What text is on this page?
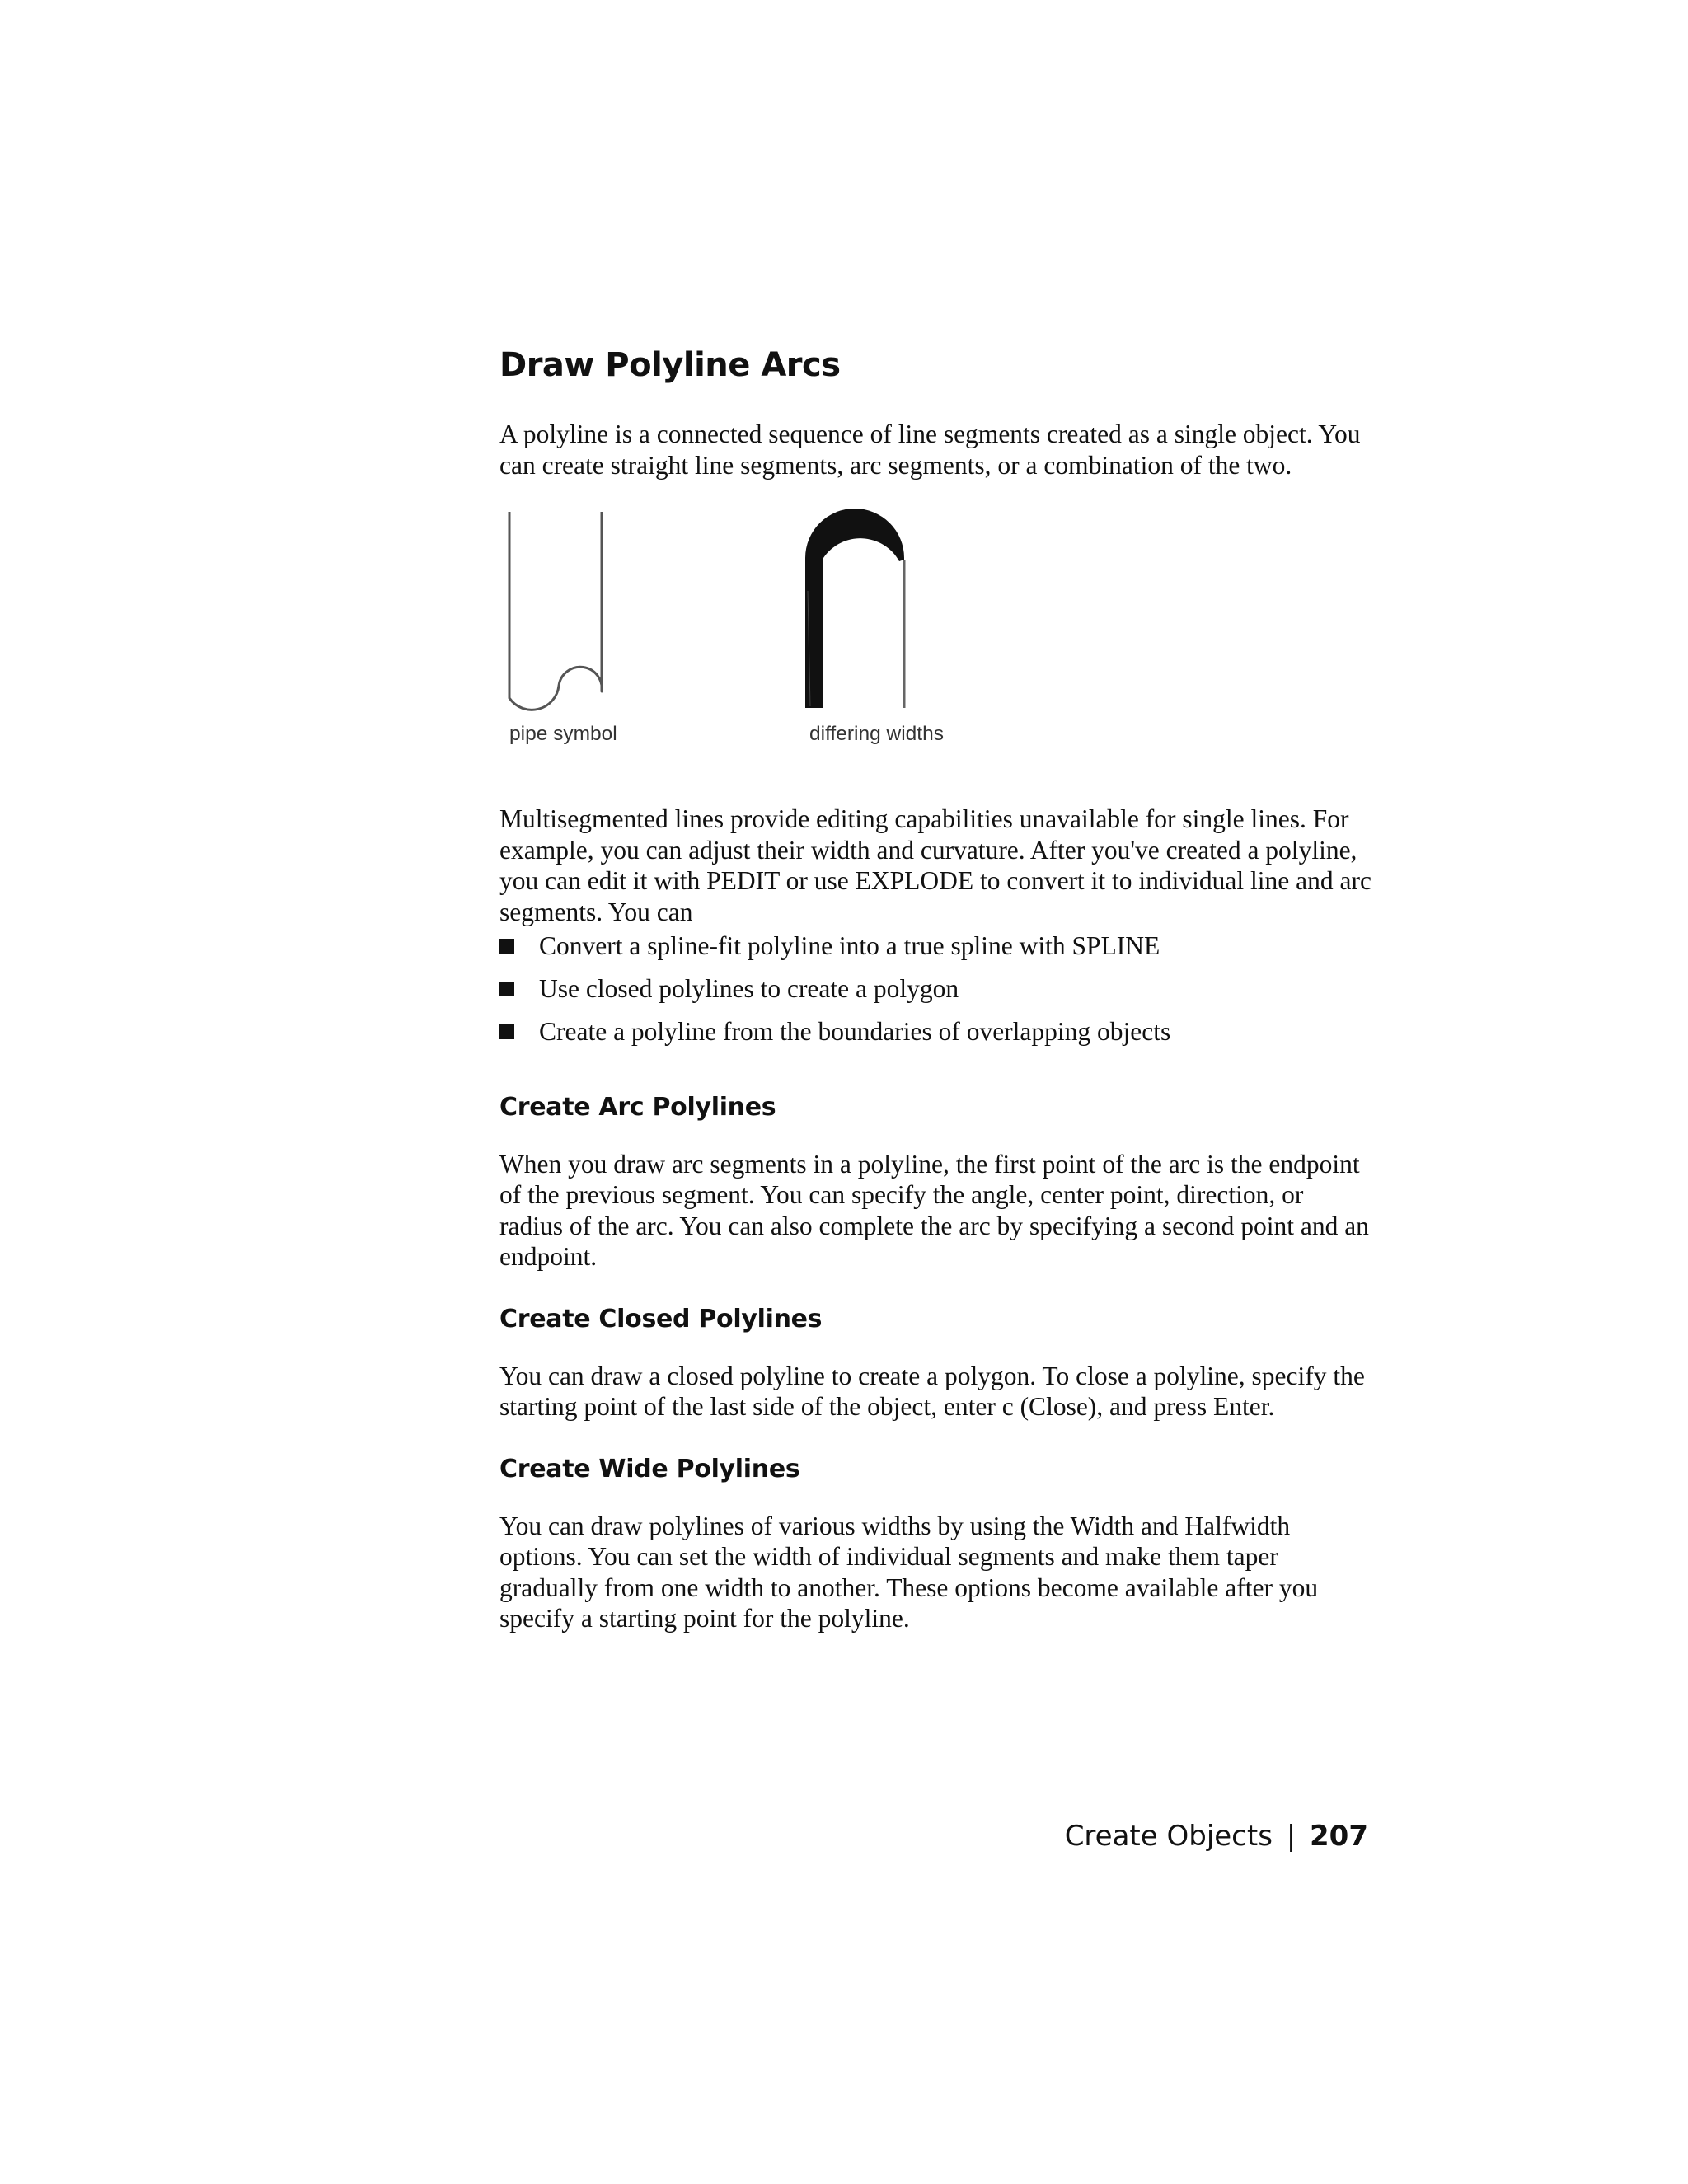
Draw Polyline Arcs

A polyline is a connected sequence of line segments created as a single object. You can create straight line segments, arc segments, or a combination of the two.

pipe symbol	differing widths

Multisegmented lines provide editing capabilities unavailable for single lines. For example, you can adjust their width and curvature. After you've created a polyline, you can edit it with PEDIT or use EXPLODE to convert it to individual line and arc segments. You can

Convert a spline-fit polyline into a true spline with SPLINE
Use closed polylines to create a polygon
Create a polyline from the boundaries of overlapping objects
Create Arc Polylines

When you draw arc segments in a polyline, the first point of the arc is the endpoint of the previous segment. You can specify the angle, center point, direction, or radius of the arc. You can also complete the arc by specifying a second point and an endpoint.

Create Closed Polylines

You can draw a closed polyline to create a polygon. To close a polyline, specify the starting point of the last side of the object, enter c (Close), and press Enter.

Create Wide Polylines

You can draw polylines of various widths by using the Width and Halfwidth options. You can set the width of individual segments and make them taper gradually from one width to another. These options become available after you specify a starting point for the polyline.

Create Objects | 207
